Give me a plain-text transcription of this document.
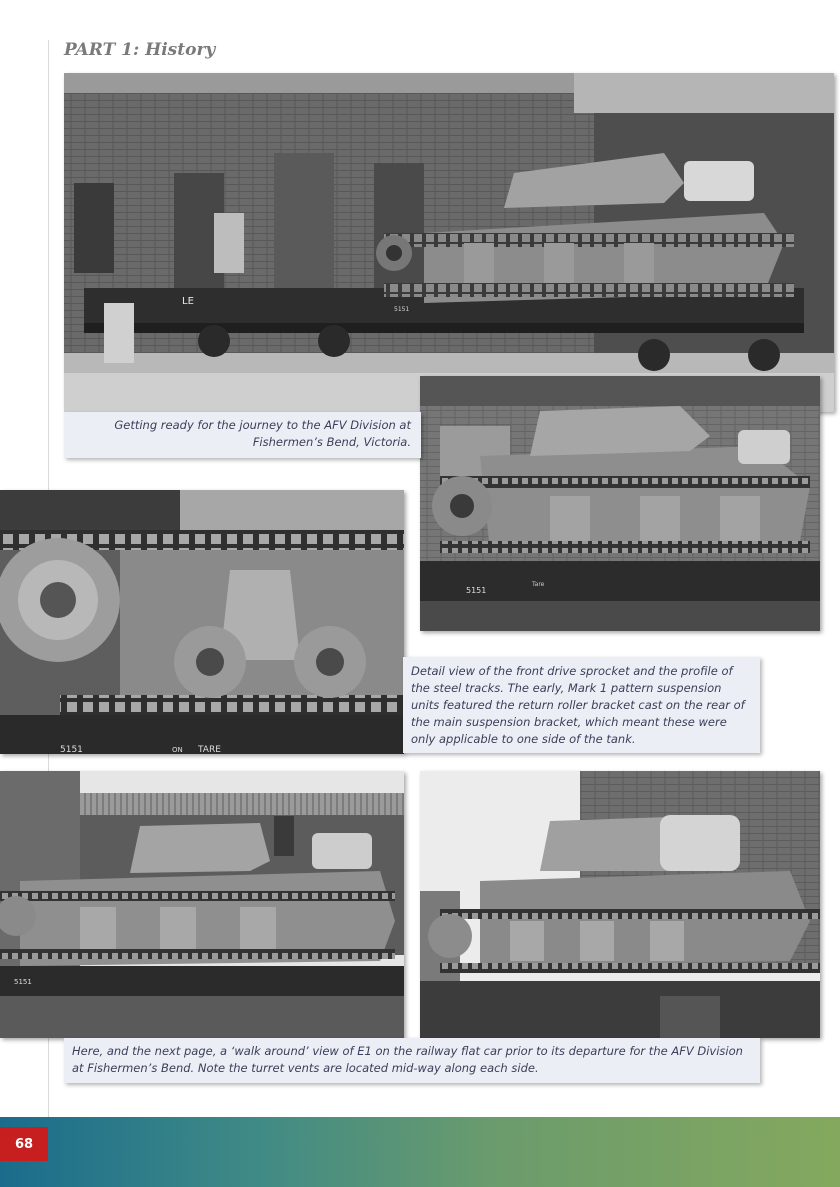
PART 1: History
5151
Tare
5151	ON TARE
5151
Getting ready for the journey to the AFV Division at Fishermen’s Bend, Victoria.
Detail view of the front drive sprocket and the profile of the steel tracks. The early, Mark 1 pattern suspension units featured the return roller bracket cast on the rear of the main suspension bracket, which meant these were only applicable to one side of the tank.
Here, and the next page, a ‘walk around’ view of E1 on the railway flat car prior to its departure for the AFV Division at Fishermen’s Bend. Note the turret vents are located mid-way along each side.
LE
5151
68
